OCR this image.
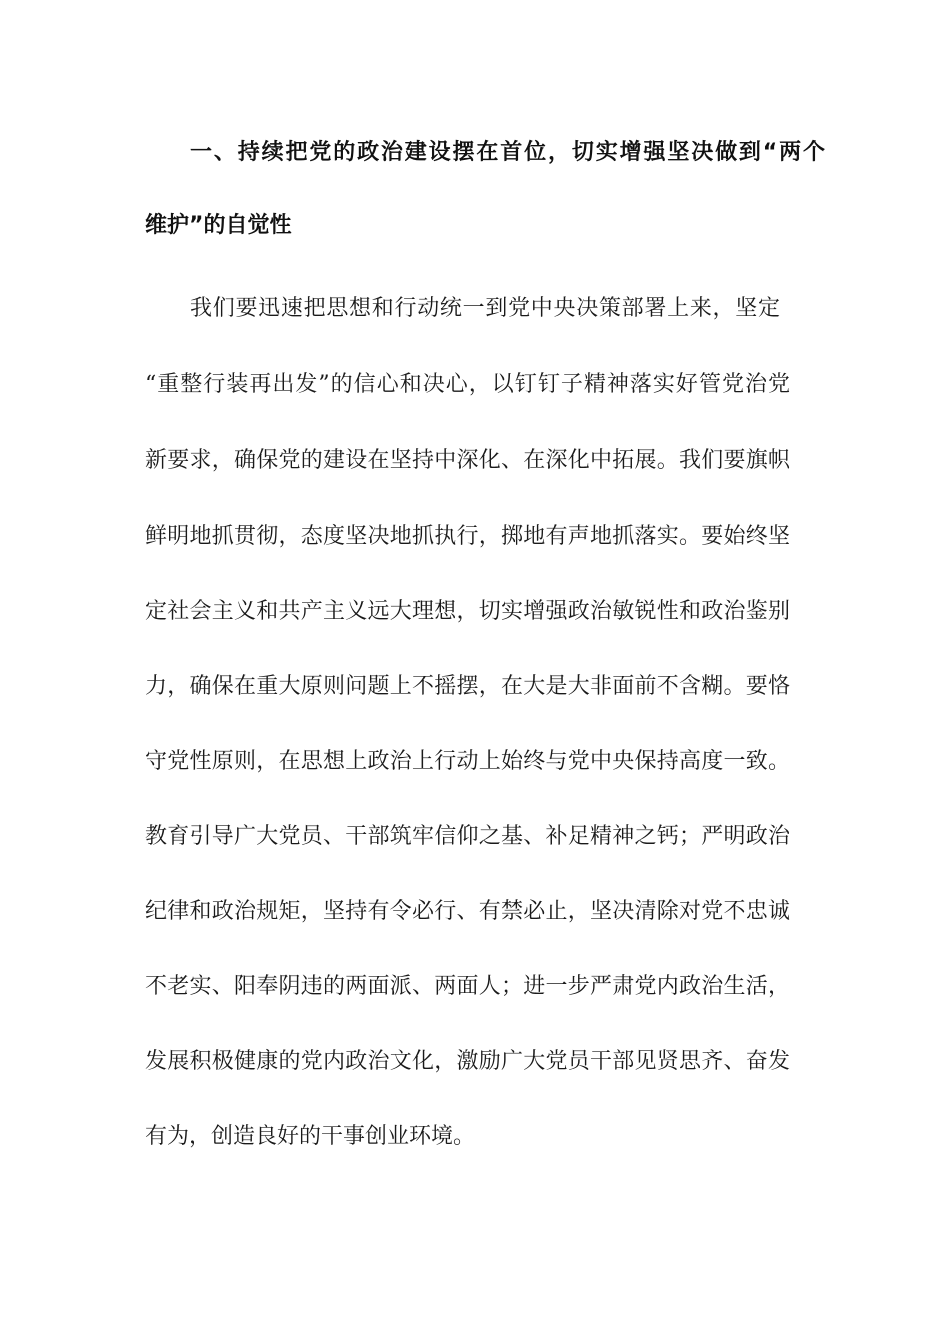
一、持续把党的政治建设摆在首位，切实增强坚决做到“两个
维护”的自觉性
我们要迅速把思想和行动统一到党中央决策部署上来，坚定
“重整行装再出发”的信心和决心，以钉钉子精神落实好管党治党
新要求，确保党的建设在坚持中深化、在深化中拓展。我们要旗帜
鲜明地抓贯彻，态度坚决地抓执行，掷地有声地抓落实。要始终坚
定社会主义和共产主义远大理想，切实增强政治敏锐性和政治鉴别
力，确保在重大原则问题上不摇摆，在大是大非面前不含糊。要恪
守党性原则，在思想上政治上行动上始终与党中央保持高度一致。
教育引导广大党员、干部筑牢信仰之基、补足精神之钙；严明政治
纪律和政治规矩，坚持有令必行、有禁必止，坚决清除对党不忠诚
不老实、阳奉阴违的两面派、两面人；进一步严肃党内政治生活，
发展积极健康的党内政治文化，激励广大党员干部见贤思齐、奋发
有为，创造良好的干事创业环境。
